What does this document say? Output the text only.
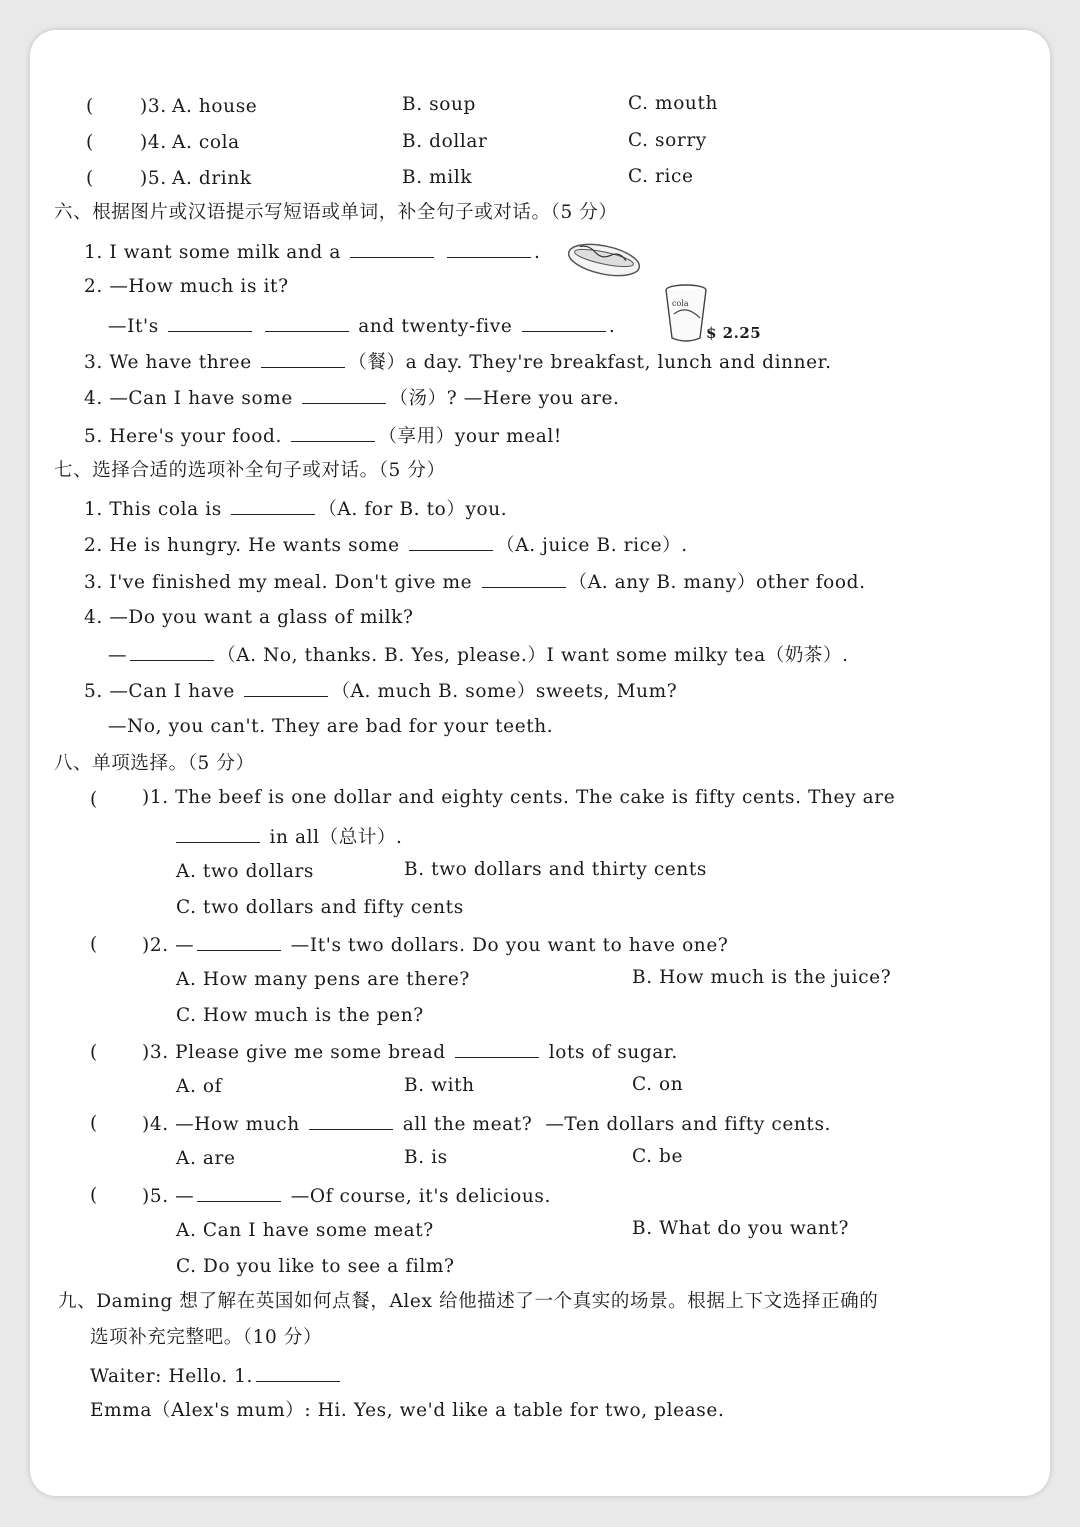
(	)3. A. house	B. soup	C. mouth
( )4. A. cola	B. dollar	C. sorry
( )5. A. drink	B. milk	C. rice
六、根据图片或汉语提示写短语或单词，补全句子或对话。（5 分）
1. I want some milk and a	.
2. —How much is it?
—It's	and twenty-five	.
cola
$ 2.25
3. We have three	（餐）a day. They're breakfast, lunch and dinner.
4. —Can I have some	（汤）? —Here you are.
5. Here's your food.	（享用）your meal!
七、选择合适的选项补全句子或对话。（5 分）
1. This cola is	（A. for B. to）you.
2. He is hungry. He wants some	（A. juice B. rice）.
3. I've finished my meal. Don't give me	（A. any B. many）other food.
4. —Do you want a glass of milk?
—	（A. No, thanks. B. Yes, please.）I want some milky tea（奶茶）.
5. —Can I have	（A. much B. some）sweets, Mum?
—No, you can't. They are bad for your teeth.
八、单项选择。（5 分）
( )1. The beef is one dollar and eighty cents. The cake is fifty cents. They are
in all（总计）.
A. two dollars	B. two dollars and thirty cents
C. two dollars and fifty cents
( )2. —	—It's two dollars. Do you want to have one?
A. How many pens are there?	B. How much is the juice?
C. How much is the pen?
( )3. Please give me some bread	lots of sugar.
A. of	B. with	C. on
( )4. —How much	all the meat? —Ten dollars and fifty cents.
A. are	B. is	C. be
( )5. —	—Of course, it's delicious.
A. Can I have some meat?	B. What do you want?
C. Do you like to see a film?
九、Daming 想了解在英国如何点餐，Alex 给他描述了一个真实的场景。根据上下文选择正确的
选项补充完整吧。（10 分）
Waiter: Hello. 1.
Emma（Alex's mum）: Hi. Yes, we'd like a table for two, please.
